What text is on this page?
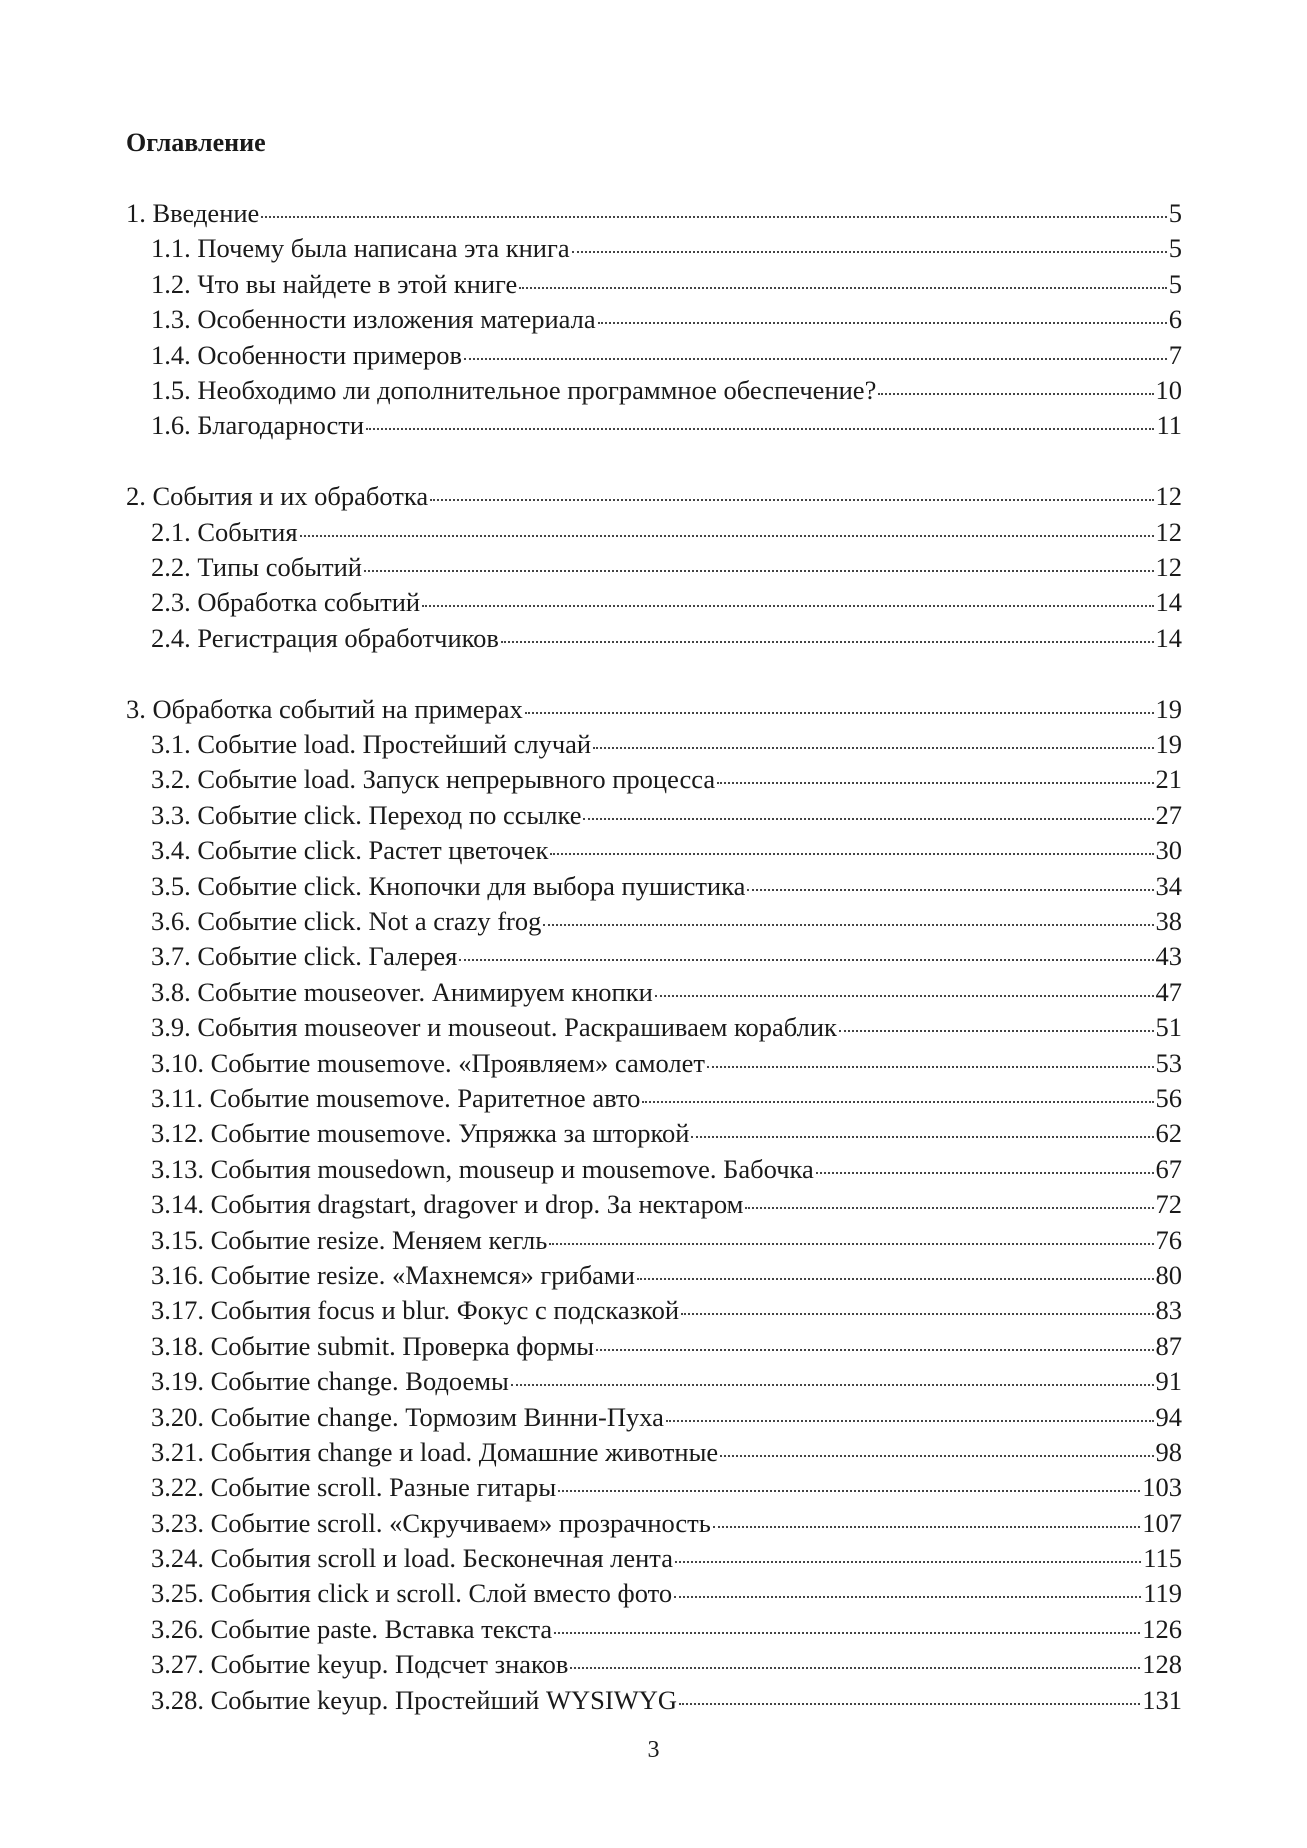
Оглавление
1. Введение	5
1.1. Почему была написана эта книга	5
1.2. Что вы найдете в этой книге	5
1.3. Особенности изложения материала	6
1.4. Особенности примеров	7
1.5. Необходимо ли дополнительное программное обеспечение?	10
1.6. Благодарности	11
2. События и их обработка	12
2.1. События	12
2.2. Типы событий	12
2.3. Обработка событий	14
2.4. Регистрация обработчиков	14
3. Обработка событий на примерах	19
3.1. Событие load. Простейший случай	19
3.2. Событие load. Запуск непрерывного процесса	21
3.3. Событие click. Переход по ссылке	27
3.4. Событие click. Растет цветочек	30
3.5. Событие click. Кнопочки для выбора пушистика	34
3.6. Событие click. Not a crazy frog	38
3.7. Событие click. Галерея	43
3.8. Событие mouseover. Анимируем кнопки	47
3.9. События mouseover и mouseout. Раскрашиваем кораблик	51
3.10. Событие mousemove. «Проявляем» самолет	53
3.11. Событие mousemove. Раритетное авто	56
3.12. Событие mousemove. Упряжка за шторкой	62
3.13. События mousedown, mouseup и mousemove. Бабочка	67
3.14. События dragstart, dragover и drop. За нектаром	72
3.15. Событие resize. Меняем кегль	76
3.16. Событие resize. «Махнемся» грибами	80
3.17. События focus и blur. Фокус с подсказкой	83
3.18. Событие submit. Проверка формы	87
3.19. Событие change. Водоемы	91
3.20. Событие change. Тормозим Винни-Пуха	94
3.21. События change и load. Домашние животные	98
3.22. Событие scroll. Разные гитары	103
3.23. Событие scroll. «Скручиваем» прозрачность	107
3.24. События scroll и load. Бесконечная лента	115
3.25. События click и scroll. Слой вместо фото	119
3.26. Событие paste. Вставка текста	126
3.27. Событие keyup. Подсчет знаков	128
3.28. Событие keyup. Простейший WYSIWYG	131
3
